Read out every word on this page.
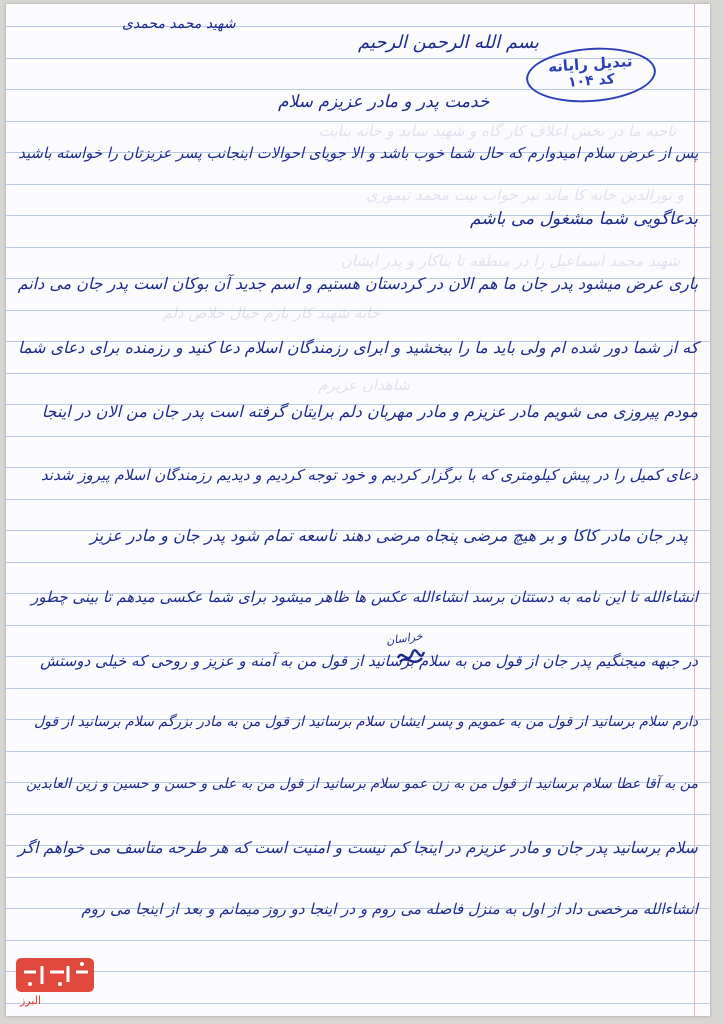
شهید محمد محمدی
بسم الله الرحمن الرحیم
تبدیل رایانه
کد ۱۰۴
خدمت پدر و مادر عزیزم سلام
ناحیه ما در بخش اعلاف کار گاه و شهید ساید و خانه بنایت
و نورالدین خانه کا ماند نیر جواب بیت محمد تیموری
شهید محمد اسماعیل را در منطقه تا بناکار و پدر ایشان
خانه شهید کار بازم خیال خلاص دلم
شاهدان عزیزم
پس از عرض سلام امیدوارم که حال شما خوب باشد و الا جویای احوالات اینجانب پسر عزیزتان را خواسته باشید
بدعاگویی شما مشغول می باشم
باری عرض میشود پدر جان ما هم الان در کردستان هستیم و اسم جدید آن بوکان است پدر جان می دانم
که از شما دور شده ام ولی باید ما را ببخشید و ابرای رزمندگان اسلام دعا کنید و رزمنده برای دعای شما
مودم پیروزی می شویم مادر عزیزم و مادر مهربان دلم برایتان گرفته است پدر جان من الان در اینجا
دعای کمیل را در پیش کیلومتری که با برگزار کردیم و خود توجه کردیم و دیدیم رزمندگان اسلام پیروز شدند
پدر جان مادر کاکا و بر هیچ مرضی پنجاه مرضی دهند ناسعه تمام شود پدر جان و مادر عزیز
انشاءالله تا این نامه به دستتان برسد انشاءالله عکس ها ظاهر میشود برای شما عکسی میدهم تا بینی چطور
در جبهه میجنگیم پدر جان از قول من به سلام برسانید از قول من به آمنه و عزیز و روحی که خیلی دوستش
دارم سلام برسانید از قول من به عمویم و پسر ایشان سلام برسانید از قول من به مادر بزرگم سلام برسانید از قول
من به آقا عطا سلام برسانید از قول من به زن عمو سلام برسانید از قول من به علی و حسن و حسین و زین العابدین
سلام برسانید پدر جان و مادر عزیزم در اینجا کم نیست و امنیت است که هر طرحه متاسف می خواهم اگر
انشاءالله مرخصی داد از اول به منزل فاصله می روم و در اینجا دو روز میمانم و بعد از اینجا می روم
خراسان
البرز
